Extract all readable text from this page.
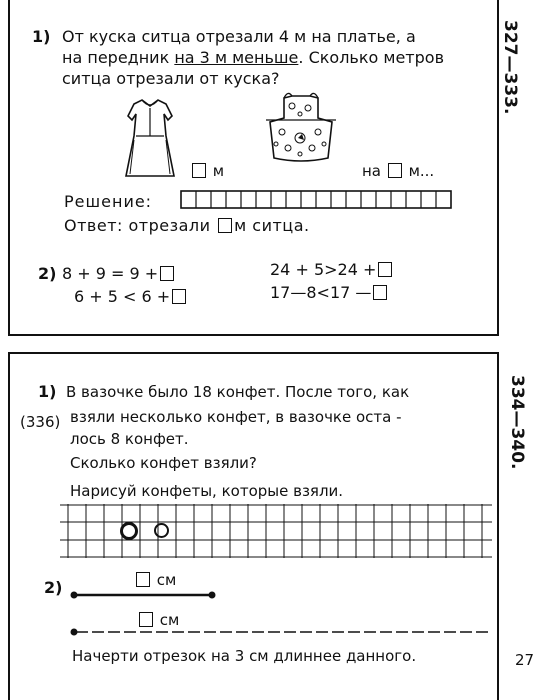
327—333.
1) От куска ситца отрезали 4 м на платье, а
на передник на 3 м меньше. Сколько метров
ситца отрезали от куска?
м	на м...
Решение:
Ответ: отрезали м ситца.
2) 8 + 9 = 9 +
6 + 5 < 6 +
24 + 5>24 +
17—8<17 —
334—340.
(336)
1) В вазочке было 18 конфет. После того, как
взяли несколько конфет, в вазочке оста -
лось 8 конфет.
Сколько конфет взяли?
Нарисуй конфеты, которые взяли.
2)	см
см
Начерти отрезок на 3 см длиннее данного.	27
